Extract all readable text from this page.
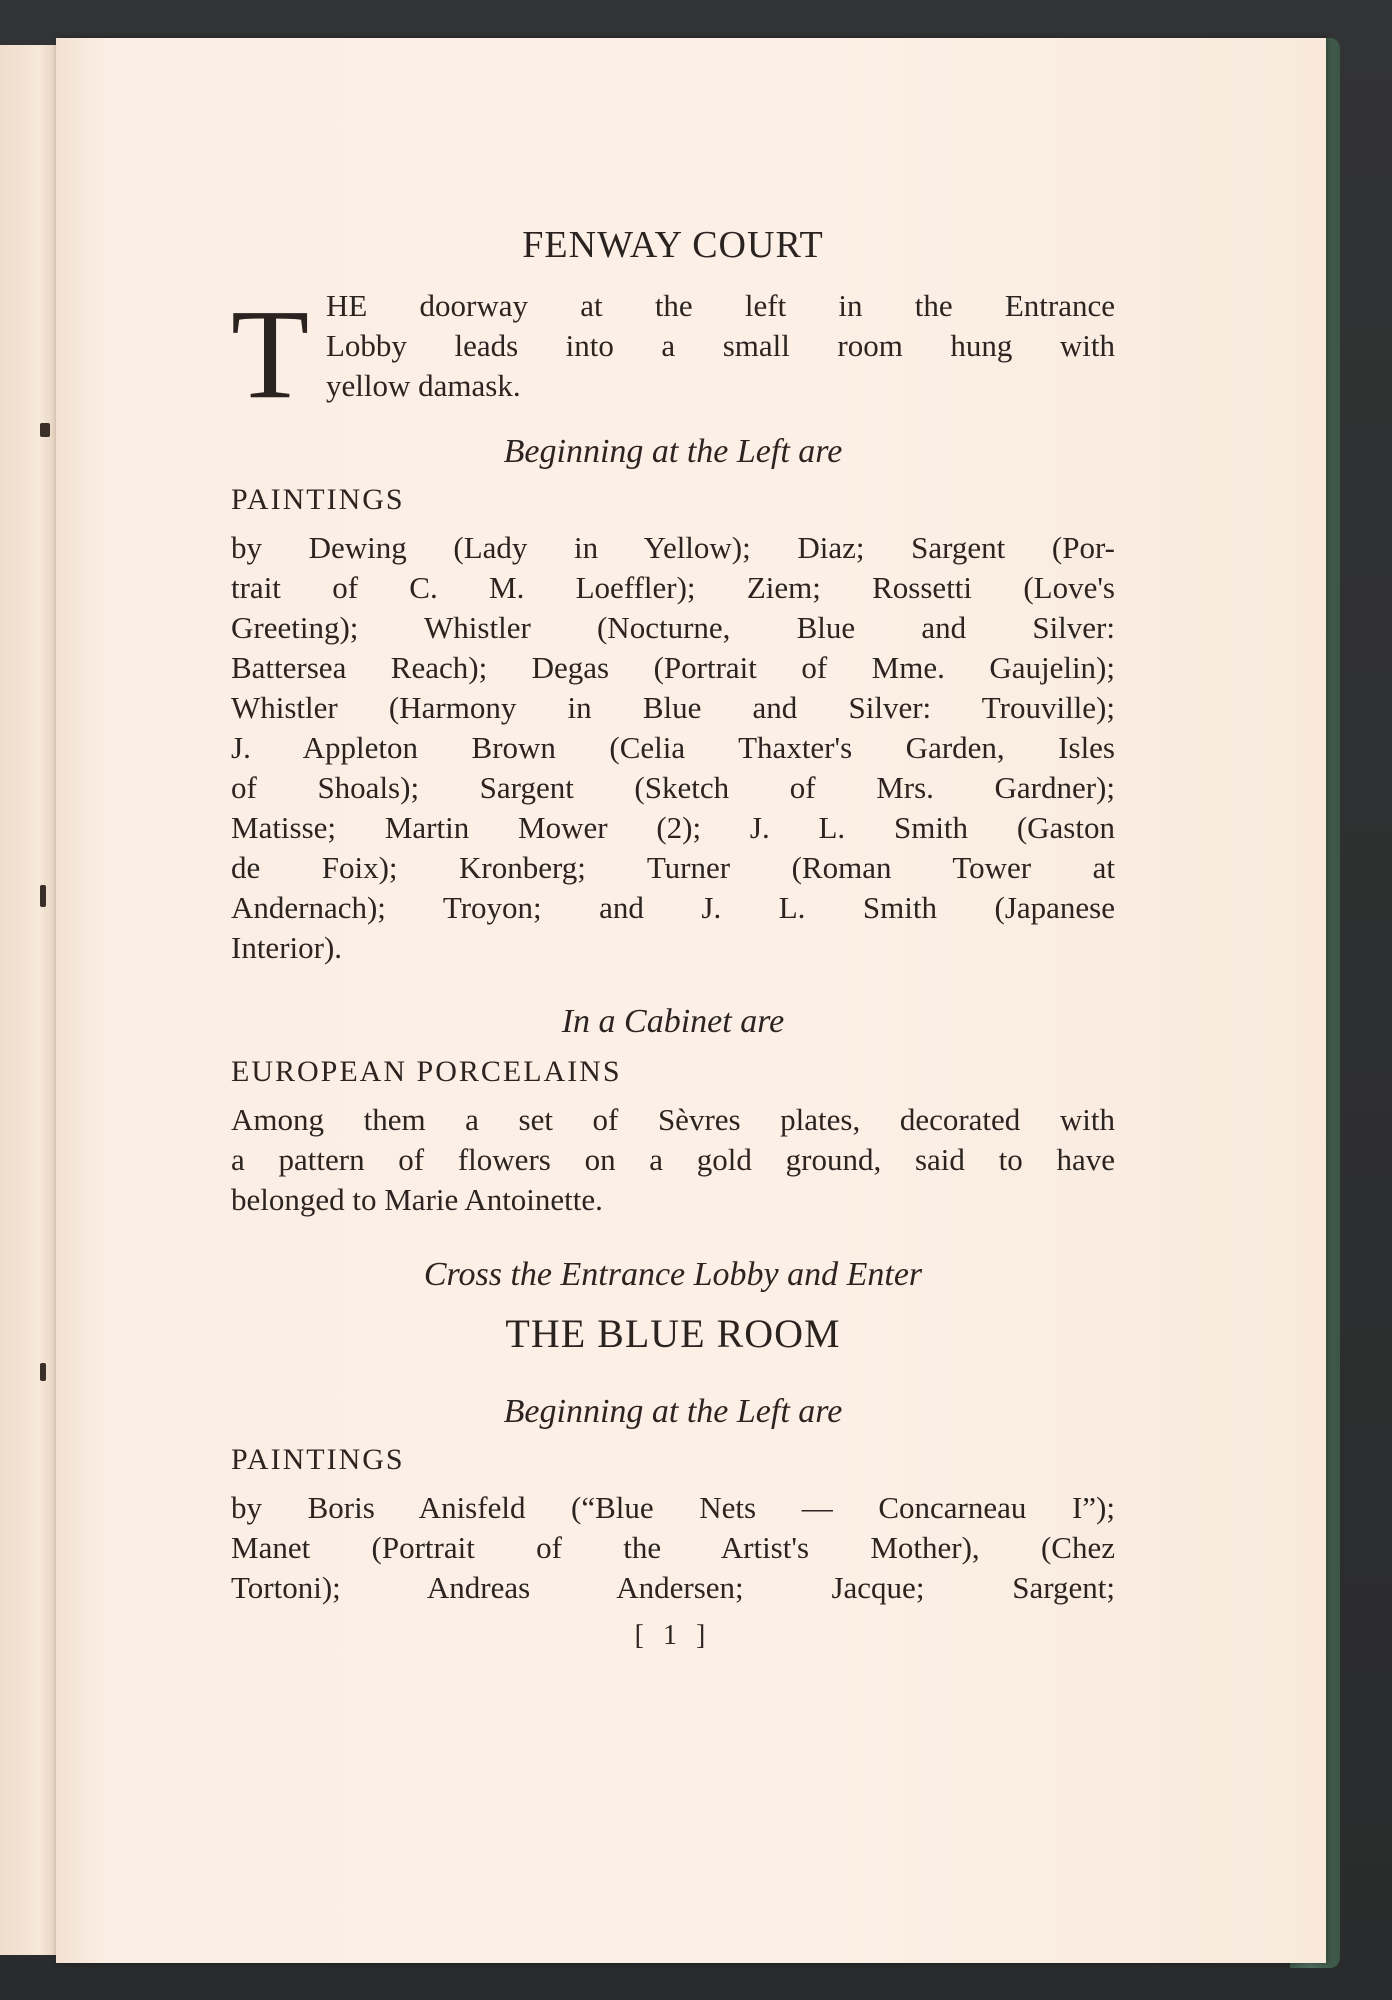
FENWAY COURT
T HE doorway at the left in the Entrance
Lobby leads into a small room hung with
yellow damask.
Beginning at the Left are
PAINTINGS
by Dewing (Lady in Yellow); Diaz; Sargent (Por-
trait of C. M. Loeffler); Ziem; Rossetti (Love's
Greeting); Whistler (Nocturne, Blue and Silver:
Battersea Reach); Degas (Portrait of Mme. Gaujelin);
Whistler (Harmony in Blue and Silver: Trouville);
J. Appleton Brown (Celia Thaxter's Garden, Isles
of Shoals); Sargent (Sketch of Mrs. Gardner);
Matisse; Martin Mower (2); J. L. Smith (Gaston
de Foix); Kronberg; Turner (Roman Tower at
Andernach); Troyon; and J. L. Smith (Japanese
Interior).
In a Cabinet are
EUROPEAN PORCELAINS
Among them a set of Sèvres plates, decorated with
a pattern of flowers on a gold ground, said to have
belonged to Marie Antoinette.
Cross the Entrance Lobby and Enter
THE BLUE ROOM
Beginning at the Left are
PAINTINGS
by Boris Anisfeld (“Blue Nets — Concarneau I”);
Manet (Portrait of the Artist's Mother), (Chez
Tortoni); Andreas Andersen; Jacque; Sargent;
[ 1 ]
